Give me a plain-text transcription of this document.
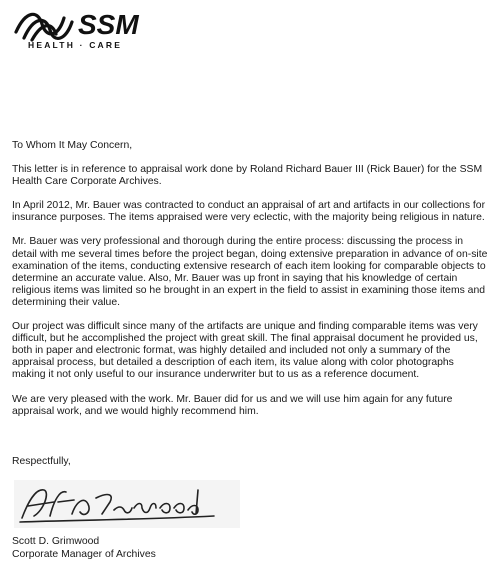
SSM
HEALTH · CARE

To Whom It May Concern,

This letter is in reference to appraisal work done by Roland Richard Bauer III (Rick Bauer) for the SSM Health Care Corporate Archives.

In April 2012, Mr. Bauer was contracted to conduct an appraisal of art and artifacts in our collections for insurance purposes. The items appraised were very eclectic, with the majority being religious in nature.

Mr. Bauer was very professional and thorough during the entire process: discussing the process in detail with me several times before the project began, doing extensive preparation in advance of on-site examination of the items, conducting extensive research of each item looking for comparable objects to determine an accurate value. Also, Mr. Bauer was up front in saying that his knowledge of certain religious items was limited so he brought in an expert in the field to assist in examining those items and determining their value.

Our project was difficult since many of the artifacts are unique and finding comparable items was very difficult, but he accomplished the project with great skill. The final appraisal document he provided us, both in paper and electronic format, was highly detailed and included not only a summary of the appraisal process, but detailed a description of each item, its value along with color photographs making it not only useful to our insurance underwriter but to us as a reference document.

We are very pleased with the work. Mr. Bauer did for us and we will use him again for any future appraisal work, and we would highly recommend him.

Respectfully,
Scott D. Grimwood
Corporate Manager of Archives
